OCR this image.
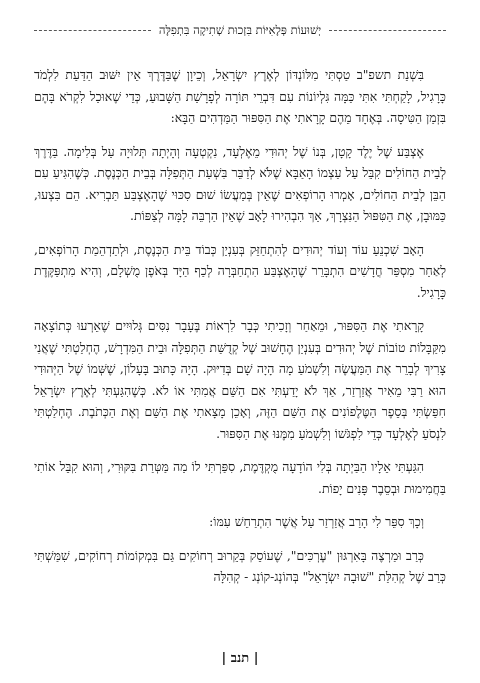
יְשׁוּעוֹת פְּלָאִיּוֹת בִּזְכוּת שְׁתִיקָה בִּתְפִלָּה

בִּשְׁנַת תשפ"ב טַסְתִּי מִלּוֹנְדּוֹן לְאֶרֶץ יִשְׂרָאֵל, וְכֵיוָן שֶׁבַּדֶּרֶךְ אֵין יִשּׁוּב הַדַּעַת לִלְמֹד כָּרָגִיל, לָקַחְתִּי אִתִּי כַּמָּה גִּלְיוֹנוֹת עִם דִּבְרֵי תּוֹרָה לְפָרָשַׁת הַשָּׁבוּעַ, כְּדֵי שֶׁאוּכַל לִקְרֹא בָּהֶם בִּזְמַן הַטִּיסָה. בְּאֶחָד מֵהֶם קָרָאתִי אֶת הַסִּפּוּר הַמַּדְהִים הַבָּא:

אֶצְבַּע שֶׁל יֶלֶד קָטָן, בְּנוֹ שֶׁל יְהוּדִי מֵאֶלְעָד, נִקְטְעָה וְהָיְתָה תְּלוּיָה עַל בְּלִימָה. בַּדֶּרֶךְ לְבֵית הַחוֹלִים קִבֵּל עַל עַצְמוֹ הָאַבָּא שֶׁלֹּא לְדַבֵּר בִּשְׁעַת הַתְּפִלָּה בְּבֵית הַכְּנֶסֶת. כְּשֶׁהִגִּיעַ עִם הַבֵּן לְבֵית הַחוֹלִים, אָמְרוּ הָרוֹפְאִים שֶׁאֵין בְּמַעֲשׂוֹ שׁוּם סִכּוּי שֶׁהָאֶצְבַּע תַּבְרִיא. הֵם בִּצְעוּ, כַּמּוּבָן, אֶת הַטִּפּוּל הַנִּצְרָךְ, אַךְ הִבְהִירוּ לָאָב שֶׁאֵין הַרְבֵּה לָמָּה לְצַפּוֹת.

הָאָב שִׁכְנֵעַ עוֹד וְעוֹד יְהוּדִים לְהִתְחַזֵּק בְּעִנְיַן כְּבוֹד בֵּית הַכְּנֶסֶת, וּלְתַדְהֵמַת הָרוֹפְאִים, לְאַחַר מִסְפַּר חֳדָשִׁים הִתְבָּרֵר שֶׁהָאֶצְבַּע הִתְחַבְּרָה לְכַף הַיָּד בְּאֹפֶן מֻשְׁלָם, וְהִיא מִתְפַּקֶּדֶת כָּרָגִיל.

קָרָאתִי אֶת הַסִּפּוּר, וּמֵאַחַר וְזָכִיתִי כְּבָר לִרְאוֹת בֶּעָבָר נִסִּים גְּלוּיִים שֶׁאֵרְעוּ כְּתוֹצָאָה מִקַּבָּלוֹת טוֹבוֹת שֶׁל יְהוּדִים בְּעִנְיַן הֶחָשׁוּב שֶׁל קְדֻשַּׁת הַתְּפִלָּה וּבֵית הַמִּדְרָשׁ, הֶחְלַטְתִּי שֶׁאֲנִי צָרִיךְ לְבָרֵר אֶת הַמַּעֲשֶׂה וְלִשְׁמֹעַ מָה הָיָה שָׁם בְּדִיּוּק. הָיָה כָּתוּב בָּעָלוֹן, שֶׁשְּׁמוֹ שֶׁל הַיְּהוּדִי הוּא רַבִּי מֵאִיר אֲזַרְזַר, אַךְ לֹא יָדַעְתִּי אִם הַשֵּׁם אֲמִתִּי אוֹ לֹא. כְּשֶׁהִגַּעְתִּי לְאֶרֶץ יִשְׂרָאֵל חִפַּשְׂתִּי בְּסֵפֶר הַטֶּלֶפוֹנִים אֶת הַשֵּׁם הַזֶּה, וְאָכֵן מָצָאתִי אֶת הַשֵּׁם וְאֶת הַכְּתֹבֶת. הֶחְלַטְתִּי לִנְסֹעַ לְאֶלְעָד כְּדֵי לִפְגֹּשׁוֹ וְלִשְׁמֹעַ מִמֶּנּוּ אֶת הַסִּפּוּר.

הִגַּעְתִּי אֵלָיו הַבַּיְתָה בְּלִי הוֹדָעָה מֻקְדֶּמֶת, סִפַּרְתִּי לוֹ מַה מַּטְּרַת בִּקּוּרִי, וְהוּא קִבֵּל אוֹתִי בַּחֲמִימוּת וּבְסֵבֶר פָּנִים יָפוֹת.

וְכָךְ סִפֵּר לִי הָרַב אֲזַרְזַר עַל אֲשֶׁר הִתְרַחֵשׁ עִמּוֹ:

כְּרַב וּמַרְצֶה בָּאִרְגּוּן "עֶרְכִּים", שֶׁעוֹסֵק בְּקֵרוּב רְחוֹקִים גַּם בִּמְקוֹמוֹת רְחוֹקִים, שִׁמַּשְׁתִּי כְּרַב שֶׁל קְהִלַּת "שׁוּבָה יִשְׂרָאֵל" בְּהוֹנְג-קוֹנְג - קְהִלָּה

| תנב |
